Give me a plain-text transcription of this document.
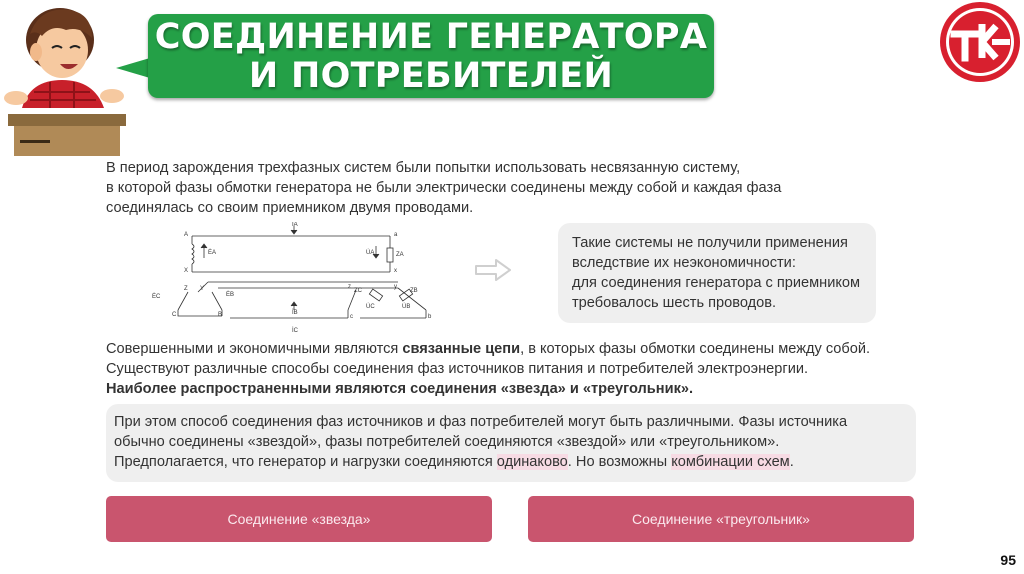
СОЕДИНЕНИЕ ГЕНЕРАТОРА
И ПОТРЕБИТЕЛЕЙ
В период зарождения трехфазных систем были попытки использовать несвязанную систему,
в которой фазы обмотки генератора не были электрически соединены между собой и каждая фаза
соединялась со своим приемником двумя проводами.
A
X
Y
Z
B
C
a
x
b
c
y
z
İA
İC
İB
ĖA
ĖB
ĖC
U̇A
U̇B
U̇C
ZA
ZB
ZC
Такие системы не получили применения
вследствие их неэкономичности:
для соединения генератора с приемником
требовалось шесть проводов.
Совершенными и экономичными являются связанные цепи, в которых фазы обмотки соединены между собой.
Существуют различные способы соединения фаз источников питания и потребителей электроэнергии.
Наиболее распространенными являются соединения «звезда» и «треугольник».
При этом способ соединения фаз источников и фаз потребителей могут быть различными. Фазы источника
обычно соединены «звездой», фазы потребителей соединяются «звездой» или «треугольником».
Предполагается, что генератор и нагрузки соединяются одинаково. Но возможны комбинации схем.
Соединение «звезда»	Соединение «треугольник»
95
